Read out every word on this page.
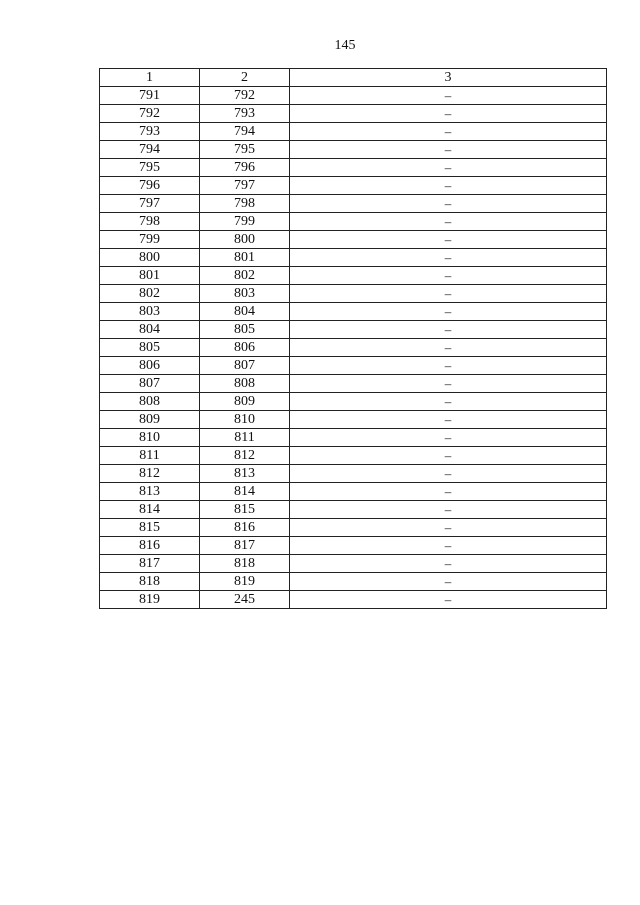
145
1	2	3
791	792	–
792	793	–
793	794	–
794	795	–
795	796	–
796	797	–
797	798	–
798	799	–
799	800	–
800	801	–
801	802	–
802	803	–
803	804	–
804	805	–
805	806	–
806	807	–
807	808	–
808	809	–
809	810	–
810	811	–
811	812	–
812	813	–
813	814	–
814	815	–
815	816	–
816	817	–
817	818	–
818	819	–
819	245	–
